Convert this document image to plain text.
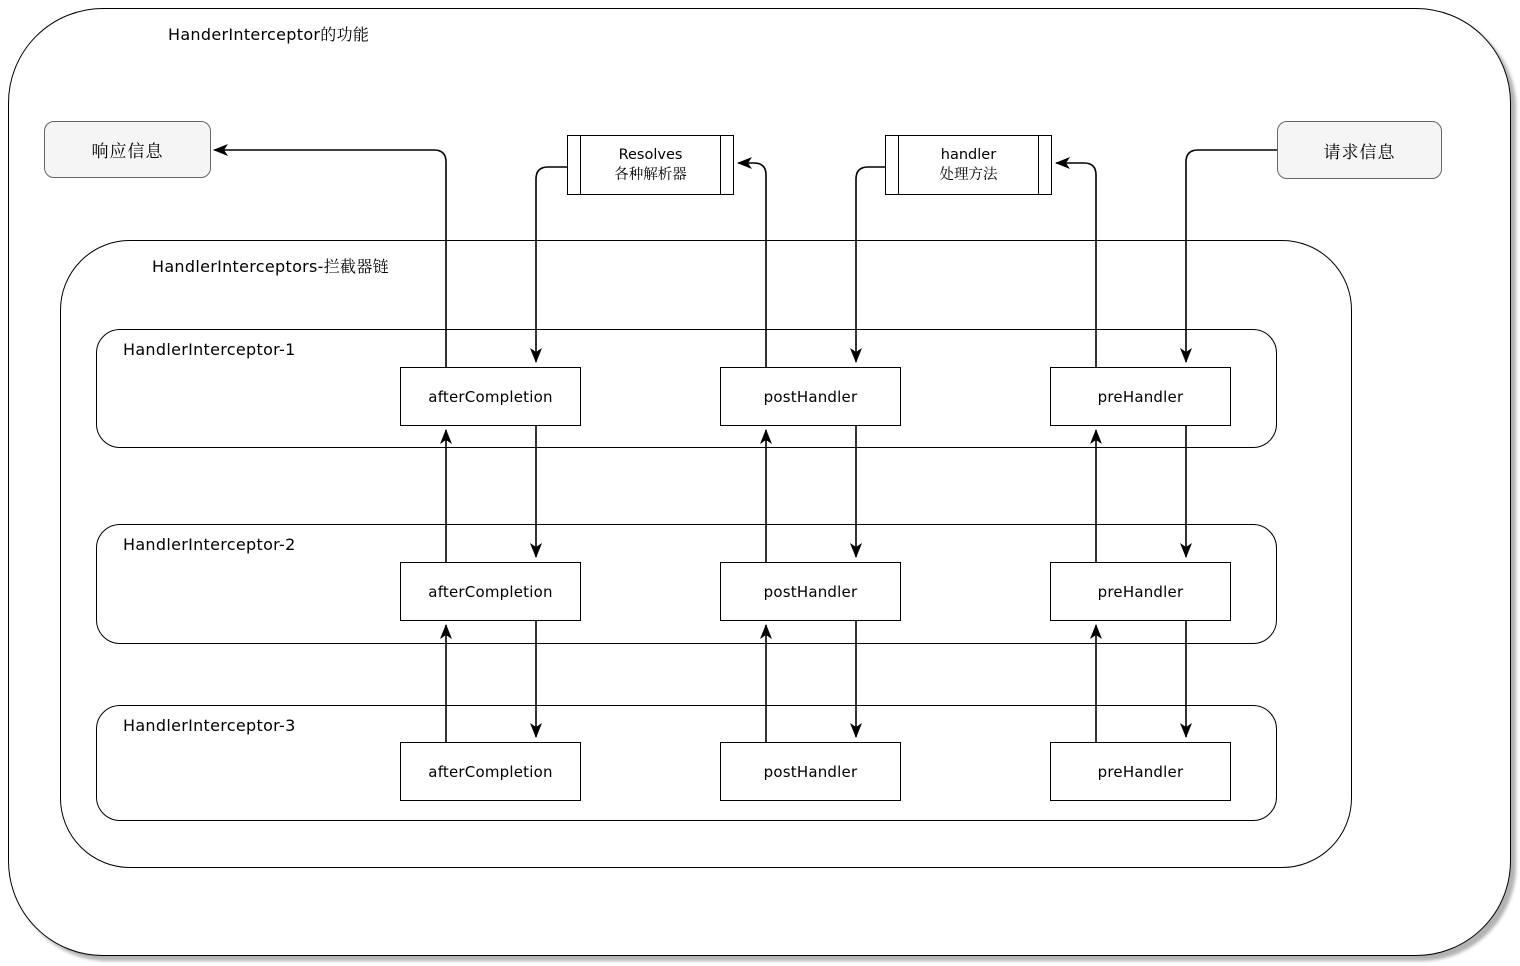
HanderInterceptor的功能
响应信息	请求信息
Resolves
各种解析器
handler
处理方法
HandlerInterceptors-拦截器链
HandlerInterceptor-1
afterCompletion	postHandler	preHandler
HandlerInterceptor-2
afterCompletion	postHandler	preHandler
HandlerInterceptor-3
afterCompletion	postHandler	preHandler
